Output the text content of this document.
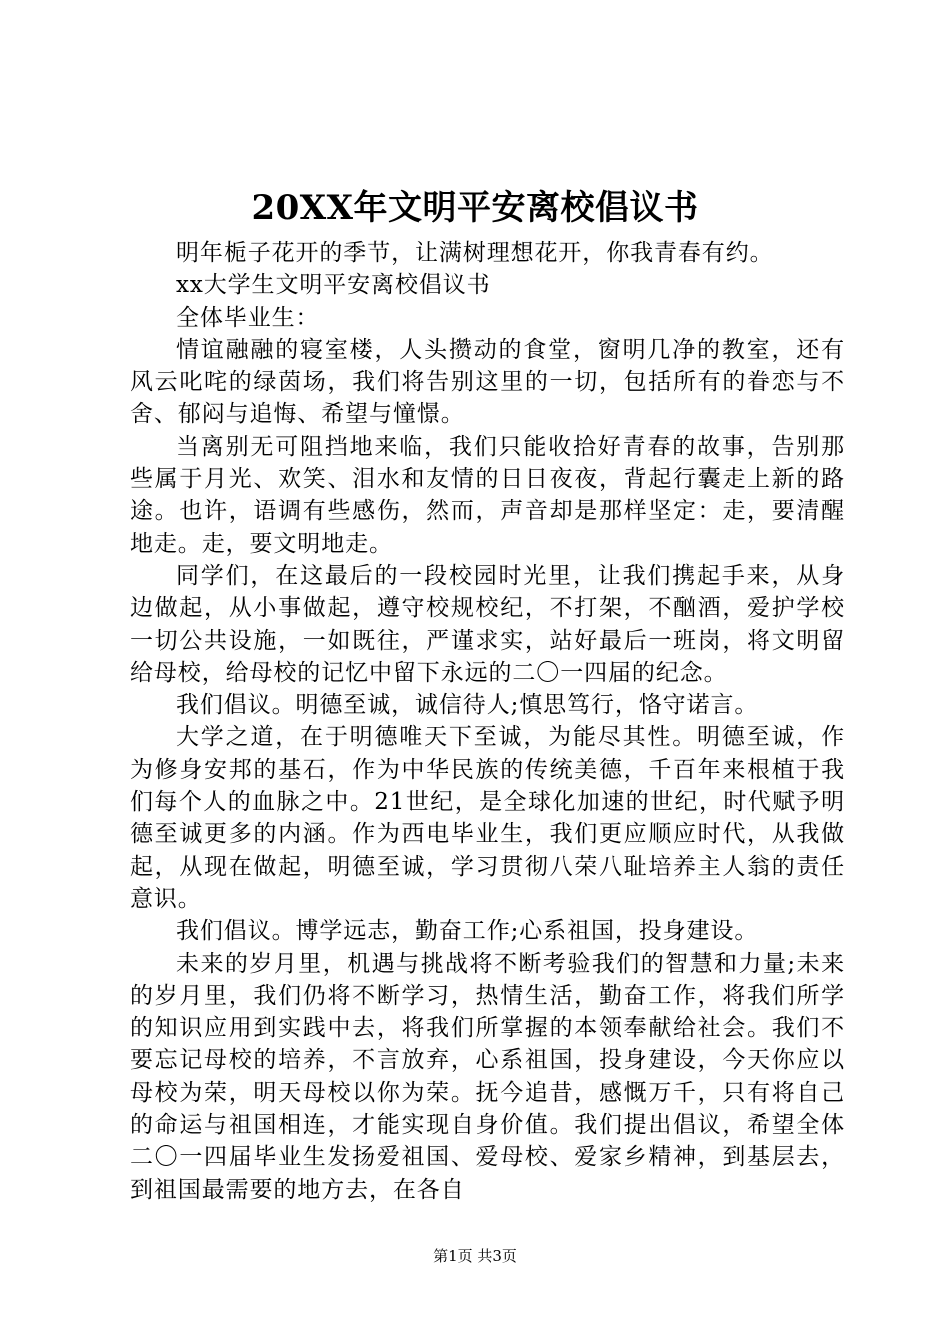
20XX年文明平安离校倡议书

明年栀子花开的季节，让满树理想花开，你我青春有约。

xx大学生文明平安离校倡议书

全体毕业生：

情谊融融的寝室楼，人头攒动的食堂，窗明几净的教室，还有风云叱咤的绿茵场，我们将告别这里的一切，包括所有的眷恋与不舍、郁闷与追悔、希望与憧憬。

当离别无可阻挡地来临，我们只能收拾好青春的故事，告别那些属于月光、欢笑、泪水和友情的日日夜夜，背起行囊走上新的路途。也许，语调有些感伤，然而，声音却是那样坚定：走，要清醒地走。走，要文明地走。

同学们，在这最后的一段校园时光里，让我们携起手来，从身边做起，从小事做起，遵守校规校纪，不打架，不酗酒，爱护学校一切公共设施，一如既往，严谨求实，站好最后一班岗，将文明留给母校，给母校的记忆中留下永远的二〇一四届的纪念。

我们倡议。明德至诚，诚信待人;慎思笃行，恪守诺言。

大学之道，在于明德唯天下至诚，为能尽其性。明德至诚，作为修身安邦的基石，作为中华民族的传统美德，千百年来根植于我们每个人的血脉之中。21世纪，是全球化加速的世纪，时代赋予明德至诚更多的内涵。作为西电毕业生，我们更应顺应时代，从我做起，从现在做起，明德至诚，学习贯彻八荣八耻培养主人翁的责任意识。

我们倡议。博学远志，勤奋工作;心系祖国，投身建设。

未来的岁月里，机遇与挑战将不断考验我们的智慧和力量;未来的岁月里，我们仍将不断学习，热情生活，勤奋工作，将我们所学的知识应用到实践中去，将我们所掌握的本领奉献给社会。我们不要忘记母校的培养，不言放弃，心系祖国，投身建设，今天你应以母校为荣，明天母校以你为荣。抚今追昔，感慨万千，只有将自己的命运与祖国相连，才能实现自身价值。我们提出倡议，希望全体二〇一四届毕业生发扬爱祖国、爱母校、爱家乡精神，到基层去，到祖国最需要的地方去，在各自

第1页 共3页
